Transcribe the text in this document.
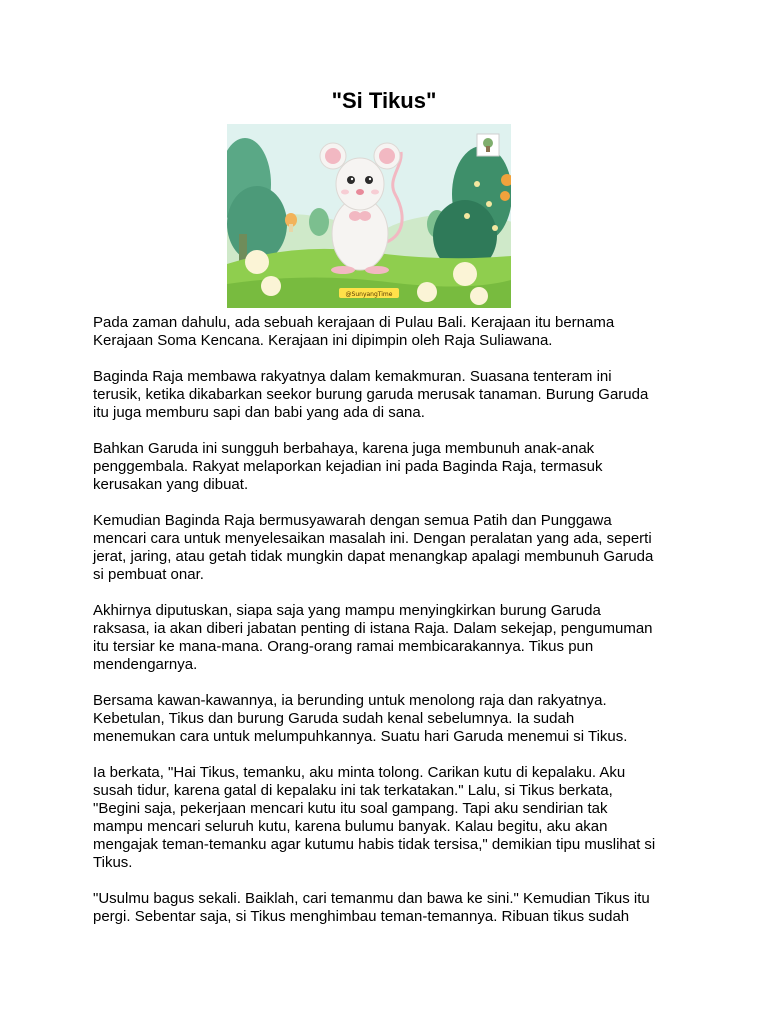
"Si Tikus"
@SunyangTime

Pada zaman dahulu, ada sebuah kerajaan di Pulau Bali. Kerajaan itu bernama
Kerajaan Soma Kencana. Kerajaan ini dipimpin oleh Raja Suliawana.

Baginda Raja membawa rakyatnya dalam kemakmuran. Suasana tenteram ini
terusik, ketika dikabarkan seekor burung garuda merusak tanaman. Burung Garuda
itu juga memburu sapi dan babi yang ada di sana.

Bahkan Garuda ini sungguh berbahaya, karena juga membunuh anak-anak
penggembala. Rakyat melaporkan kejadian ini pada Baginda Raja, termasuk
kerusakan yang dibuat.

Kemudian Baginda Raja bermusyawarah dengan semua Patih dan Punggawa
mencari cara untuk menyelesaikan masalah ini. Dengan peralatan yang ada, seperti
jerat, jaring, atau getah tidak mungkin dapat menangkap apalagi membunuh Garuda
si pembuat onar.

Akhirnya diputuskan, siapa saja yang mampu menyingkirkan burung Garuda
raksasa, ia akan diberi jabatan penting di istana Raja. Dalam sekejap, pengumuman
itu tersiar ke mana-mana. Orang-orang ramai membicarakannya. Tikus pun
mendengarnya.

Bersama kawan-kawannya, ia berunding untuk menolong raja dan rakyatnya.
Kebetulan, Tikus dan burung Garuda sudah kenal sebelumnya. Ia sudah
menemukan cara untuk melumpuhkannya. Suatu hari Garuda menemui si Tikus.

Ia berkata, "Hai Tikus, temanku, aku minta tolong. Carikan kutu di kepalaku. Aku
susah tidur, karena gatal di kepalaku ini tak terkatakan." Lalu, si Tikus berkata,
"Begini saja, pekerjaan mencari kutu itu soal gampang. Tapi aku sendirian tak
mampu mencari seluruh kutu, karena bulumu banyak. Kalau begitu, aku akan
mengajak teman-temanku agar kutumu habis tidak tersisa," demikian tipu muslihat si
Tikus.

"Usulmu bagus sekali. Baiklah, cari temanmu dan bawa ke sini." Kemudian Tikus itu
pergi. Sebentar saja, si Tikus menghimbau teman-temannya. Ribuan tikus sudah
